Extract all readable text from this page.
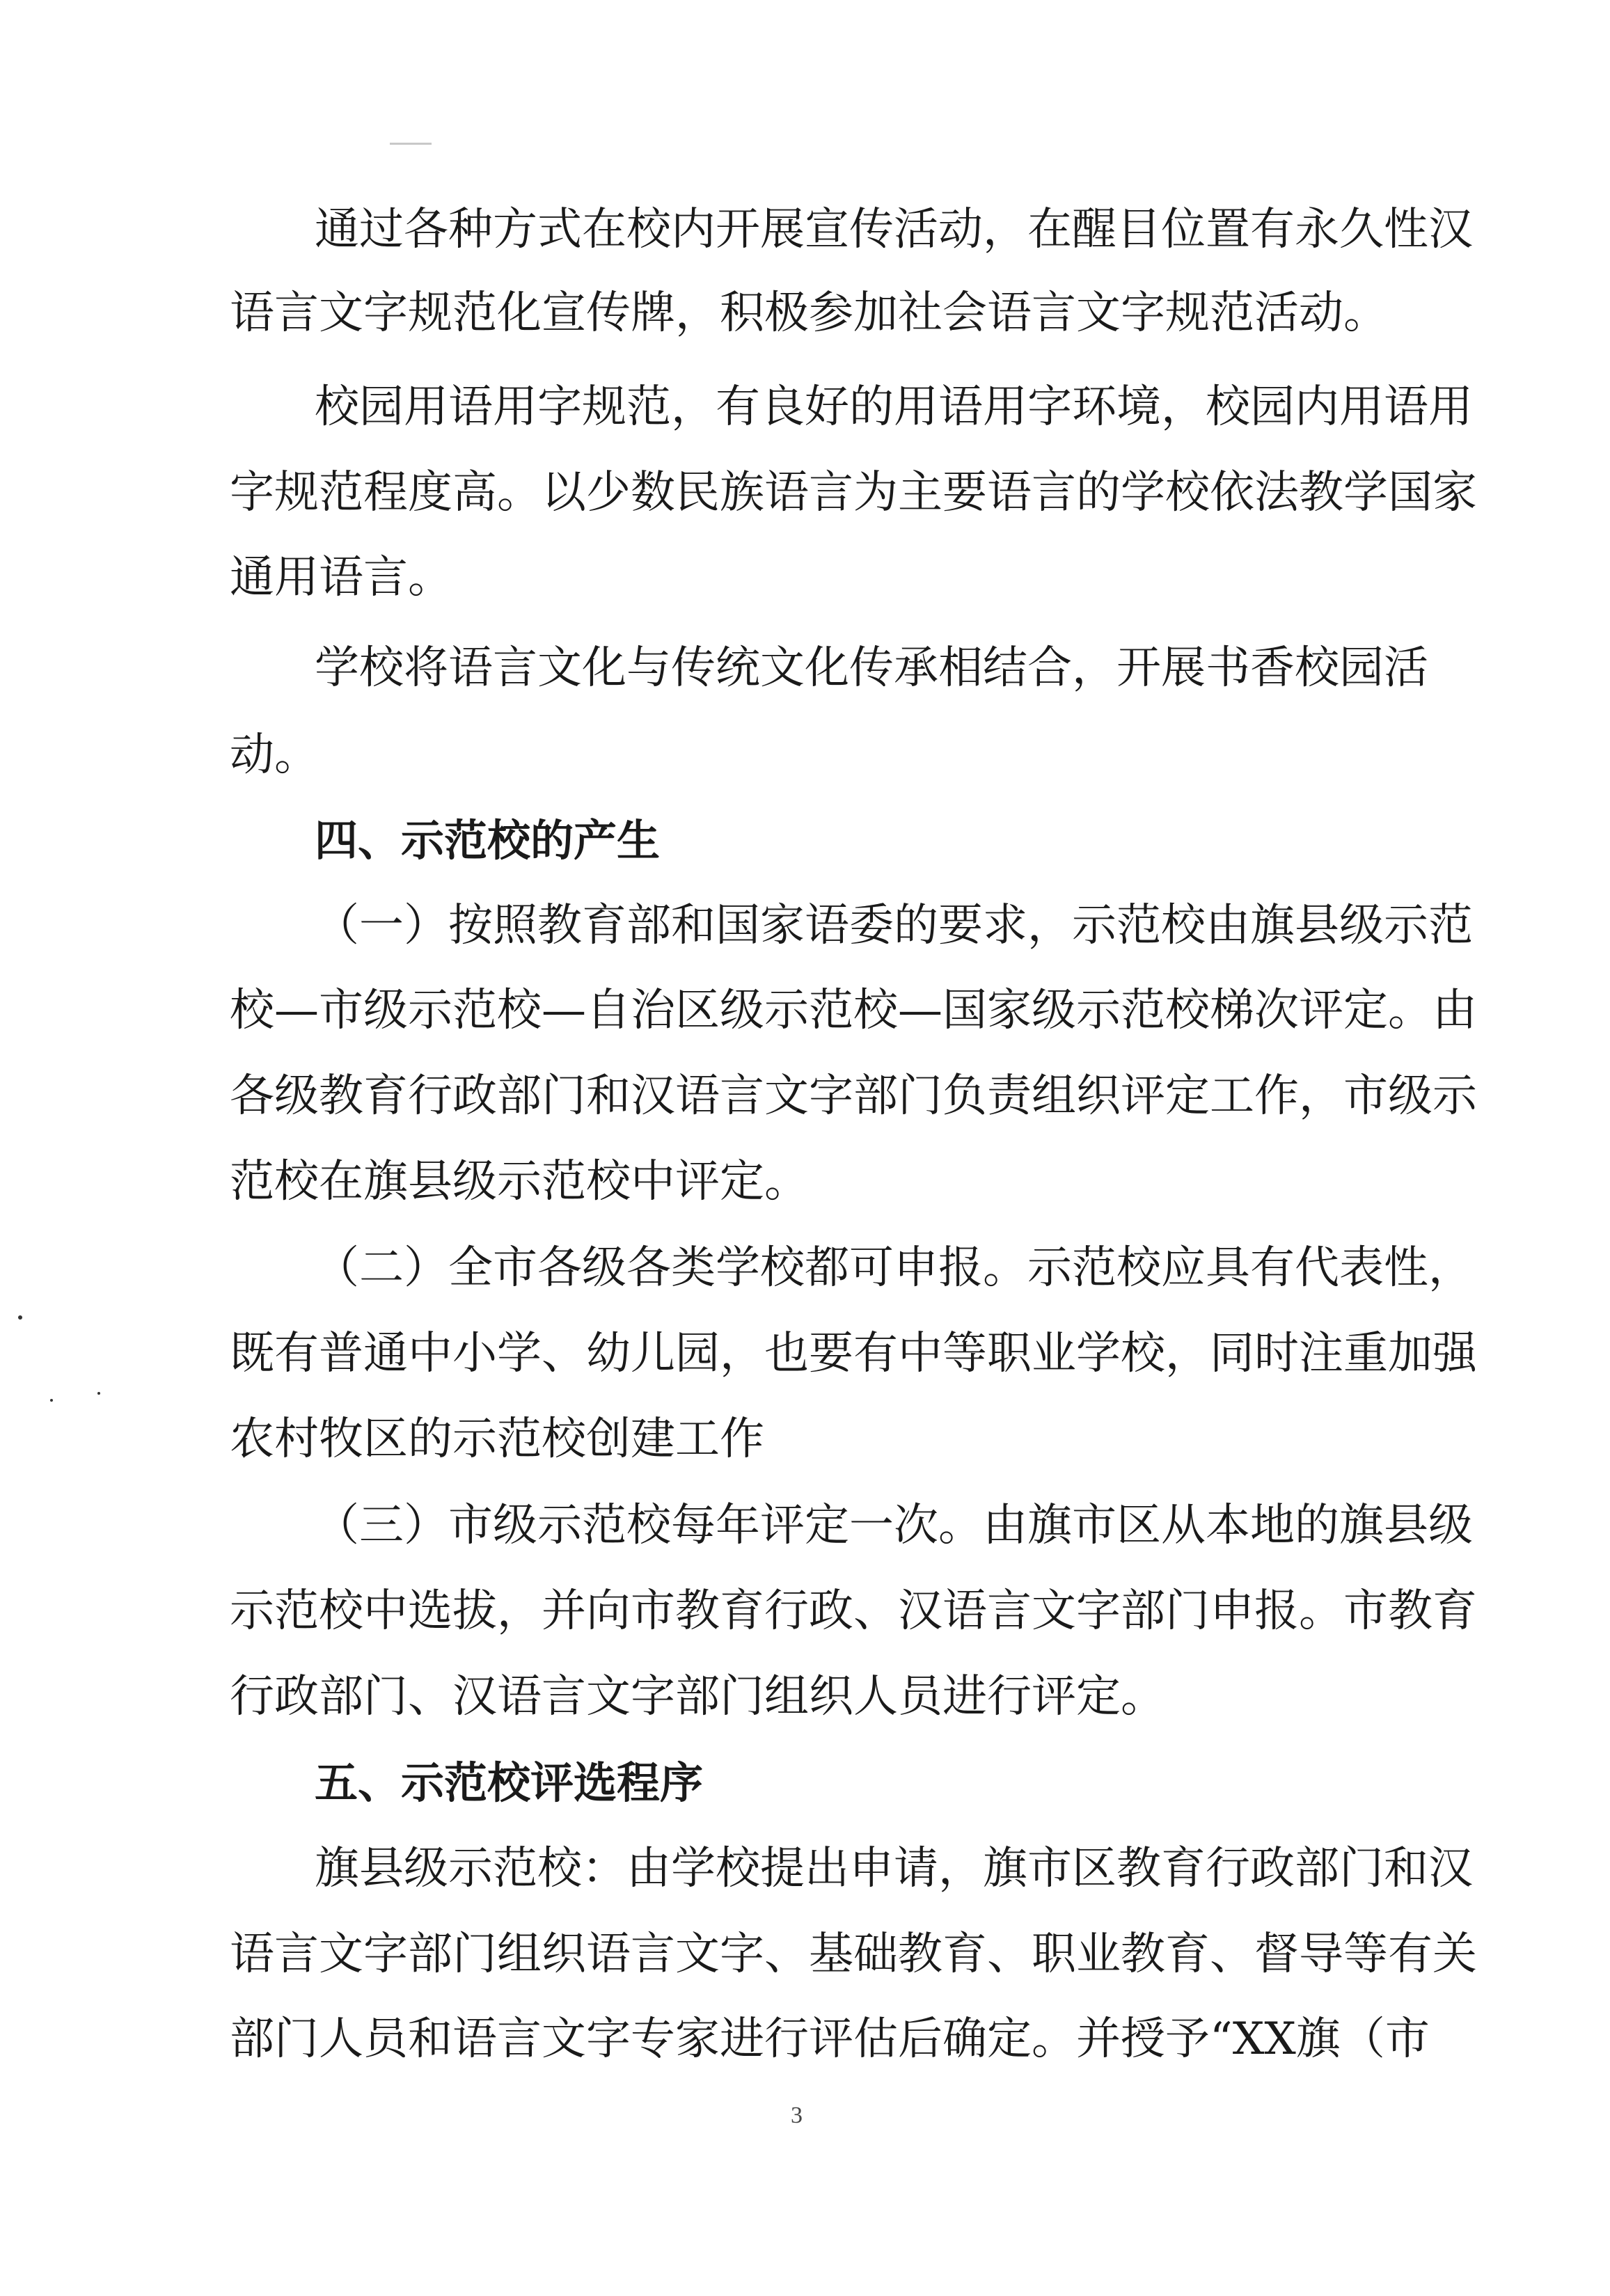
通过各种方式在校内开展宣传活动，在醒目位置有永久性汉
语言文字规范化宣传牌，积极参加社会语言文字规范活动。
校园用语用字规范，有良好的用语用字环境，校园内用语用
字规范程度高。以少数民族语言为主要语言的学校依法教学国家
通用语言。
学校将语言文化与传统文化传承相结合，开展书香校园活
动。
四、示范校的产生
（一）按照教育部和国家语委的要求，示范校由旗县级示范
校—市级示范校—自治区级示范校—国家级示范校梯次评定。由
各级教育行政部门和汉语言文字部门负责组织评定工作，市级示
范校在旗县级示范校中评定。
（二）全市各级各类学校都可申报。示范校应具有代表性，
既有普通中小学、幼儿园，也要有中等职业学校，同时注重加强
农村牧区的示范校创建工作
（三）市级示范校每年评定一次。由旗市区从本地的旗县级
示范校中选拔，并向市教育行政、汉语言文字部门申报。市教育
行政部门、汉语言文字部门组织人员进行评定。
五、示范校评选程序
旗县级示范校：由学校提出申请，旗市区教育行政部门和汉
语言文字部门组织语言文字、基础教育、职业教育、督导等有关
部门人员和语言文字专家进行评估后确定。并授予“XX旗（市
3
